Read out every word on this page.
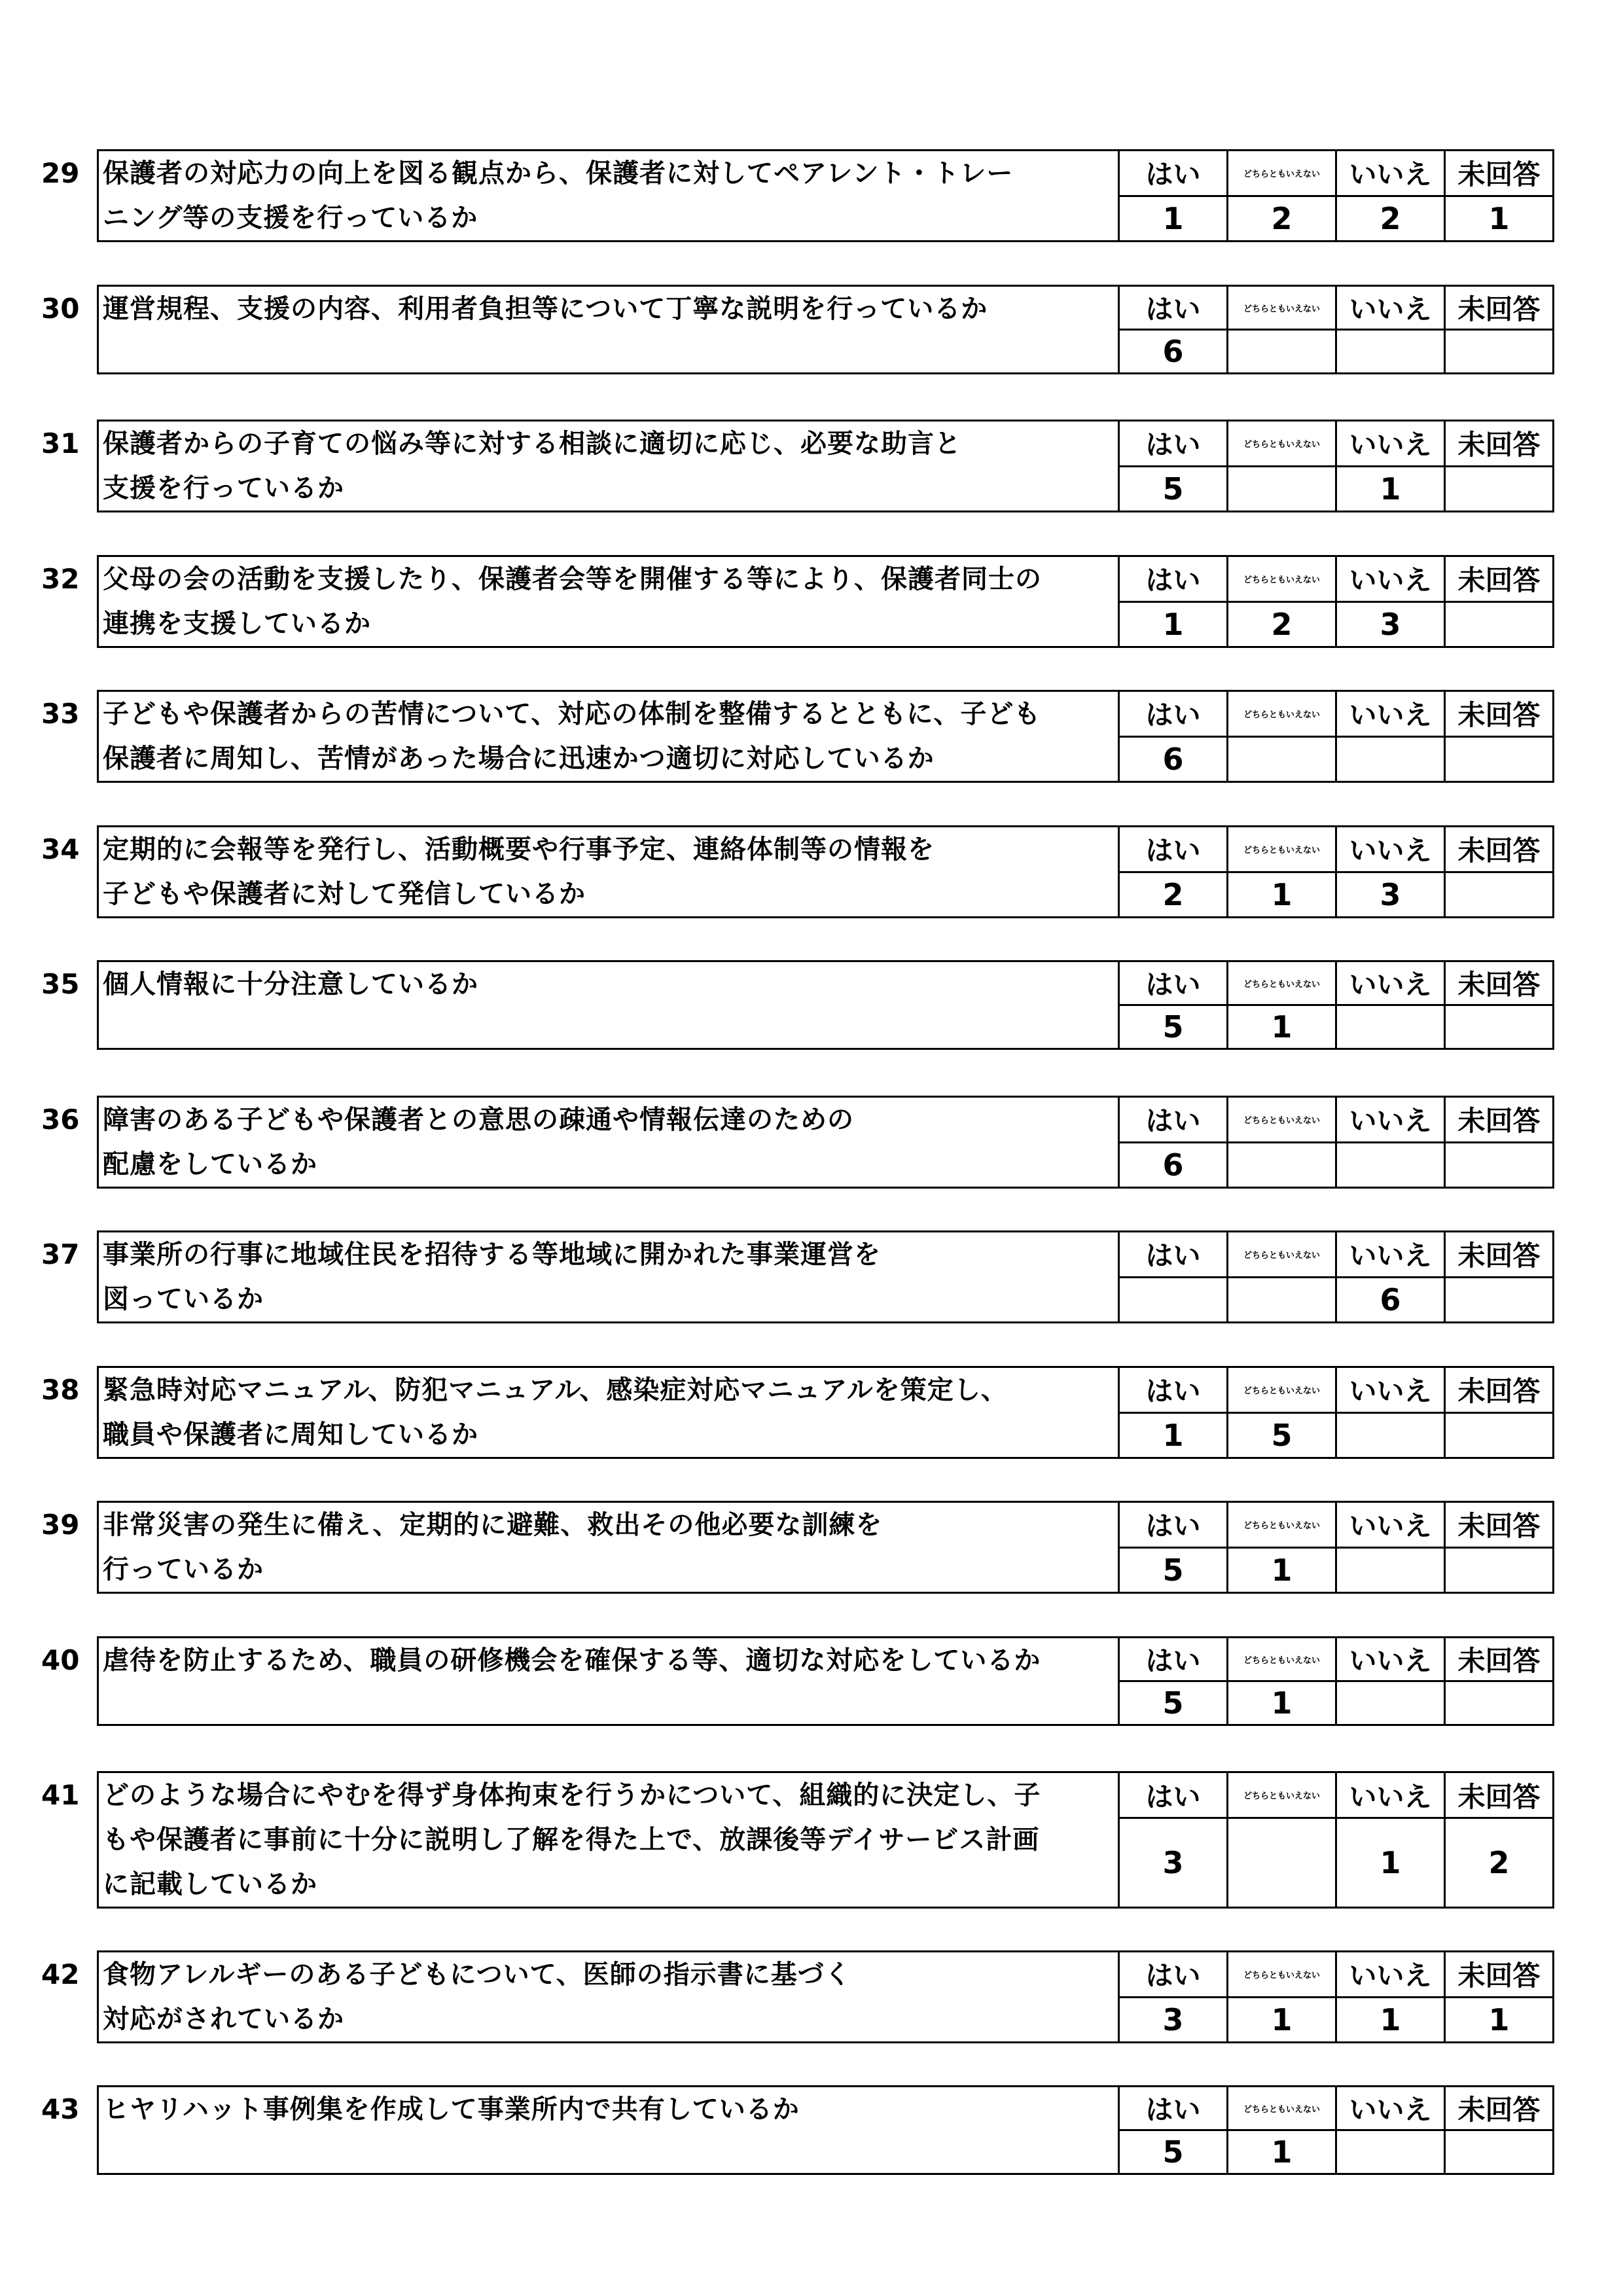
29 保護者の対応力の向上を図る観点から、保護者に対してペアレント・トレー
ニング等の支援を行っているか	はい	どちらともいえない	いいえ	未回答
	1	2	2	1
30 運営規程、支援の内容、利用者負担等について丁寧な説明を行っているか	はい	どちらともいえない	いいえ	未回答
	6			
31 保護者からの子育ての悩み等に対する相談に適切に応じ、必要な助言と
支援を行っているか	はい	どちらともいえない	いいえ	未回答
	5		1	
32 父母の会の活動を支援したり、保護者会等を開催する等により、保護者同士の
連携を支援しているか	はい	どちらともいえない	いいえ	未回答
	1	2	3	
33 子どもや保護者からの苦情について、対応の体制を整備するとともに、子ども
保護者に周知し、苦情があった場合に迅速かつ適切に対応しているか	はい	どちらともいえない	いいえ	未回答
	6			
34 定期的に会報等を発行し、活動概要や行事予定、連絡体制等の情報を
子どもや保護者に対して発信しているか	はい	どちらともいえない	いいえ	未回答
	2	1	3	
35 個人情報に十分注意しているか	はい	どちらともいえない	いいえ	未回答
	5	1		
36 障害のある子どもや保護者との意思の疎通や情報伝達のための
配慮をしているか	はい	どちらともいえない	いいえ	未回答
	6			
37 事業所の行事に地域住民を招待する等地域に開かれた事業運営を
図っているか	はい	どちらともいえない	いいえ	未回答
			6	
38 緊急時対応マニュアル、防犯マニュアル、感染症対応マニュアルを策定し、
職員や保護者に周知しているか	はい	どちらともいえない	いいえ	未回答
	1	5		
39 非常災害の発生に備え、定期的に避難、救出その他必要な訓練を
行っているか	はい	どちらともいえない	いいえ	未回答
	5	1		
40 虐待を防止するため、職員の研修機会を確保する等、適切な対応をしているか	はい	どちらともいえない	いいえ	未回答
	5	1		
41 どのような場合にやむを得ず身体拘束を行うかについて、組織的に決定し、子
もや保護者に事前に十分に説明し了解を得た上で、放課後等デイサービス計画
に記載しているか	はい	どちらともいえない	いいえ	未回答
	3		1	2
42 食物アレルギーのある子どもについて、医師の指示書に基づく
対応がされているか	はい	どちらともいえない	いいえ	未回答
	3	1	1	1
43 ヒヤリハット事例集を作成して事業所内で共有しているか	はい	どちらともいえない	いいえ	未回答
	5	1		
